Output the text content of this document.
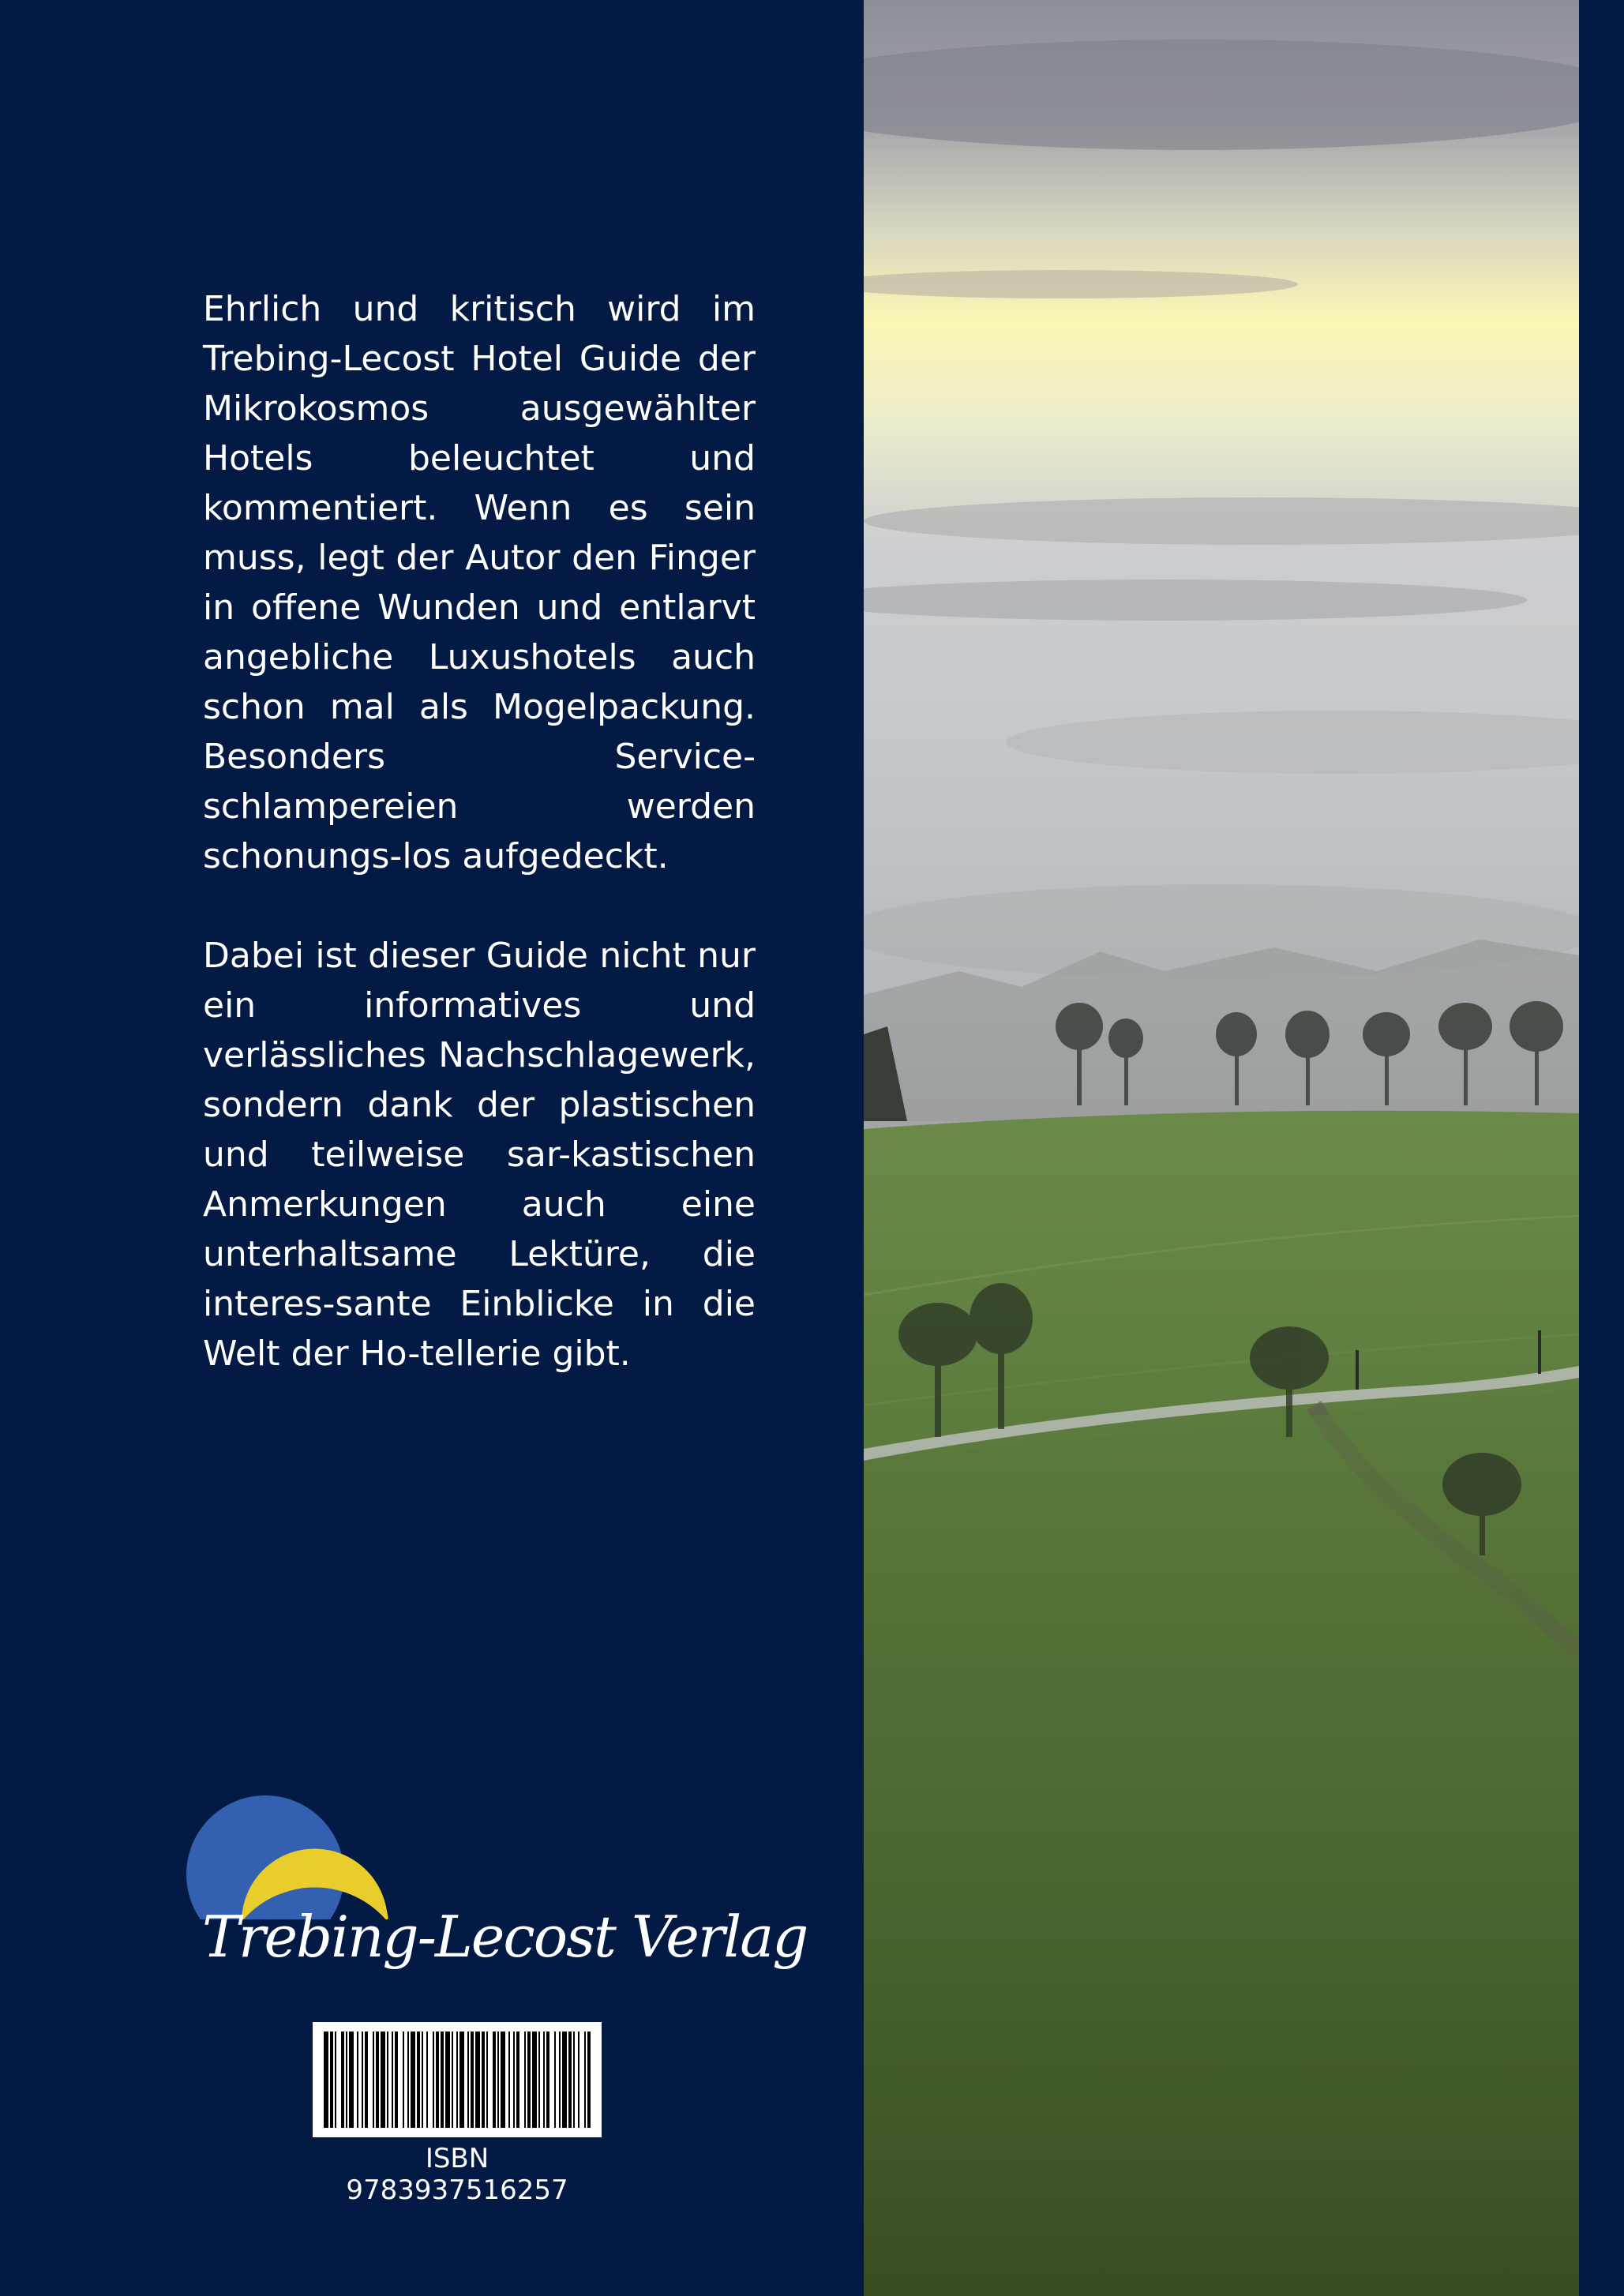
Ehrlich und kritisch wird im Trebing-Lecost Hotel Guide der Mikrokosmos ausgewählter Hotels beleuchtet und kommentiert. Wenn es sein muss, legt der Autor den Finger in offene Wunden und entlarvt angebliche Luxushotels auch schon mal als Mogelpackung. Besonders Service-schlampereien werden schonungs-los aufgedeckt.

Dabei ist dieser Guide nicht nur ein informatives und verlässliches Nachschlagewerk, sondern dank der plastischen und teilweise sar-kastischen Anmerkungen auch eine unterhaltsame Lektüre, die interes-sante Einblicke in die Welt der Ho-tellerie gibt.

Trebing-Lecost Verlag
ISBN 9783937516257
